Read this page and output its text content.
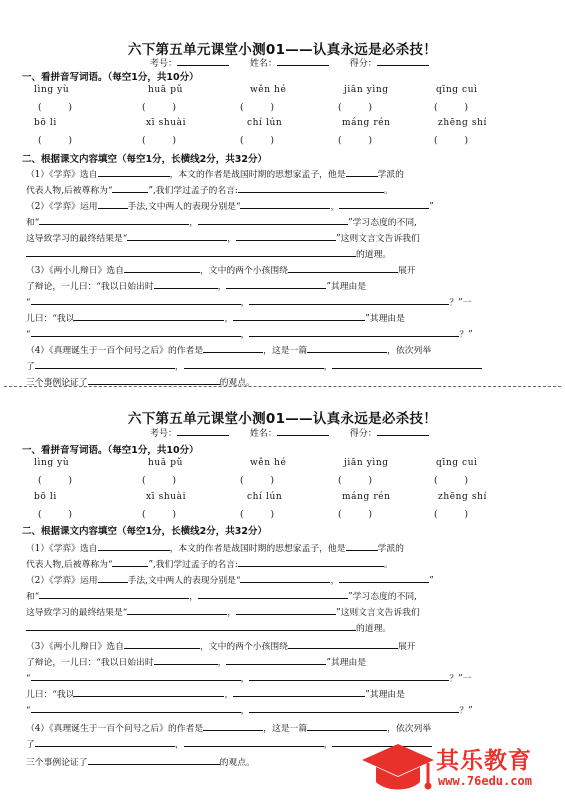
六下第五单元课堂小测01——认真永远是必杀技！
考号：	姓名：	得分：
一、看拼音写词语。（每空1分，共10分）
lìng yù	huā pǔ	wěn hé	jiān yìng	qīng cuì
(　　　)	(　　　)	(　　　)	(　　　)	(　　　)
bō li	xī shuài	chí lún	máng rén	zhēng shí
(　　　)	(　　　)	(　　　)	(　　　)	(　　　)
二、根据课文内容填空（每空1分，长横线2分，共32分）
（1）《学弈》选自	，本文的作者是战国时期的思想家孟子，他是	学派的
代表人物,后被尊称为“	”,我们学过孟子的名言:	。
（2）《学弈》运用	手法,文中两人的表现分别是“	，	”
和“	，	”学习态度的不同,
这导致学习的最终结果是“	，	”这则文言文告诉我们
的道理。
（3）《两小儿辩日》选自	，文中的两个小孩围绕	展开
了辩论，一儿曰：“我以日始出时	，	”其理由是
“	，	？”一
儿曰：“我以	，	”其理由是
“	，	？”
（4）《真理诞生于一百个问号之后》的作者是	，这是一篇	，依次列举
了	，	，
三个事例论证了	的观点。
六下第五单元课堂小测01——认真永远是必杀技！
考号：	姓名：	得分：
一、看拼音写词语。（每空1分，共10分）
lìng yù	huā pǔ	wěn hé	jiān yìng	qīng cuì
(　　　)	(　　　)	(　　　)	(　　　)	(　　　)
bō li	xī shuài	chí lún	máng rén	zhēng shí
(　　　)	(　　　)	(　　　)	(　　　)	(　　　)
二、根据课文内容填空（每空1分，长横线2分，共32分）
（1）《学弈》选自	，本文的作者是战国时期的思想家孟子，他是	学派的
代表人物,后被尊称为“	”,我们学过孟子的名言:	。
（2）《学弈》运用	手法,文中两人的表现分别是“	，	”
和“	，	”学习态度的不同,
这导致学习的最终结果是“	，	”这则文言文告诉我们
的道理。
（3）《两小儿辩日》选自	，文中的两个小孩围绕	展开
了辩论，一儿曰：“我以日始出时	，	”其理由是
“	，	？”一
儿曰：“我以	，	”其理由是
“	，	？”
（4）《真理诞生于一百个问号之后》的作者是	，这是一篇	，依次列举
了	，	，
三个事例论证了	的观点。	其乐教育
www.76edu.com
